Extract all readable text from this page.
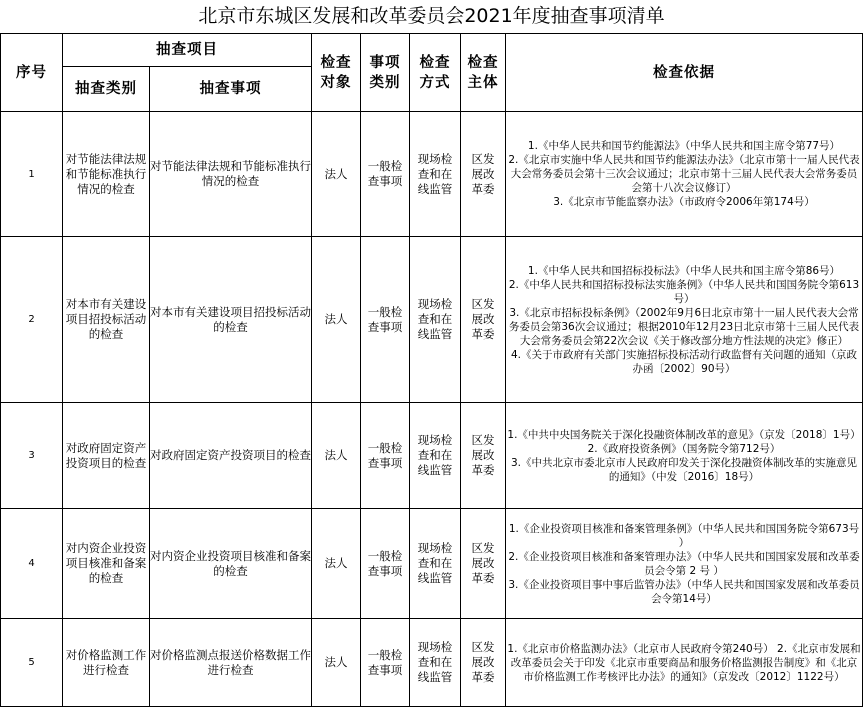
北京市东城区发展和改革委员会2021年度抽查事项清单
序号	抽查项目		检查对象	事项类别	检查方式	检查主体	检查依据
	抽查类别	抽查事项					
1	对节能法律法规和节能标准执行情况的检查	对节能法律法规和节能标准执行情况的检查	法人	一般检查事项	现场检查和在线监管	区发展改革委	1.《中华人民共和国节约能源法》（中华人民共和国主席令第77号）
2.《北京市实施中华人民共和国节约能源法办法》（北京市第十一届人民代表大会常务委员会第十三次会议通过；北京市第十三届人民代表大会常务委员会第十八次会议修订）
3.《北京市节能监察办法》（市政府令2006年第174号）

2	对本市有关建设项目招投标活动的检查	对本市有关建设项目招投标活动的检查	法人	一般检查事项	现场检查和在线监管	区发展改革委	1.《中华人民共和国招标投标法》（中华人民共和国主席令第86号）
2.《中华人民共和国招标投标法实施条例》（中华人民共和国国务院令第613号）
3.《北京市招标投标条例》（2002年9月6日北京市第十一届人民代表大会常务委员会第36次会议通过；根据2010年12月23日北京市第十三届人民代表大会常务委员会第22次会议《关于修改部分地方性法规的决定》修正）
4.《关于市政府有关部门实施招标投标活动行政监督有关问题的通知（京政办函〔2002〕90号）

3	对政府固定资产投资项目的检查	对政府固定资产投资项目的检查	法人	一般检查事项	现场检查和在线监管	区发展改革委	1.《中共中央国务院关于深化投融资体制改革的意见》（京发〔2018〕1号）
2.《政府投资条例》（国务院令第712号）
3.《中共北京市委北京市人民政府印发关于深化投融资体制改革的实施意见的通知》（中发〔2016〕18号）

4	对内资企业投资项目核准和备案的检查	对内资企业投资项目核准和备案的检查	法人	一般检查事项	现场检查和在线监管	区发展改革委	1.《企业投资项目核准和备案管理条例》（中华人民共和国国务院令第673号 ）
2.《企业投资项目核准和备案管理办法》（中华人民共和国国家发展和改革委员会令第 2 号 ）
3.《企业投资项目事中事后监管办法》（中华人民共和国国家发展和改革委员会令第14号）

5	对价格监测工作进行检查	对价格监测点报送价格数据工作进行检查	法人	一般检查事项	现场检查和在线监管	区发展改革委	1.《北京市价格监测办法》（北京市人民政府令第240号） 2.《北京市发展和改革委员会关于印发《北京市重要商品和服务价格监测报告制度》和《北京市价格监测工作考核评比办法》的通知》（京发改〔2012〕1122号）
